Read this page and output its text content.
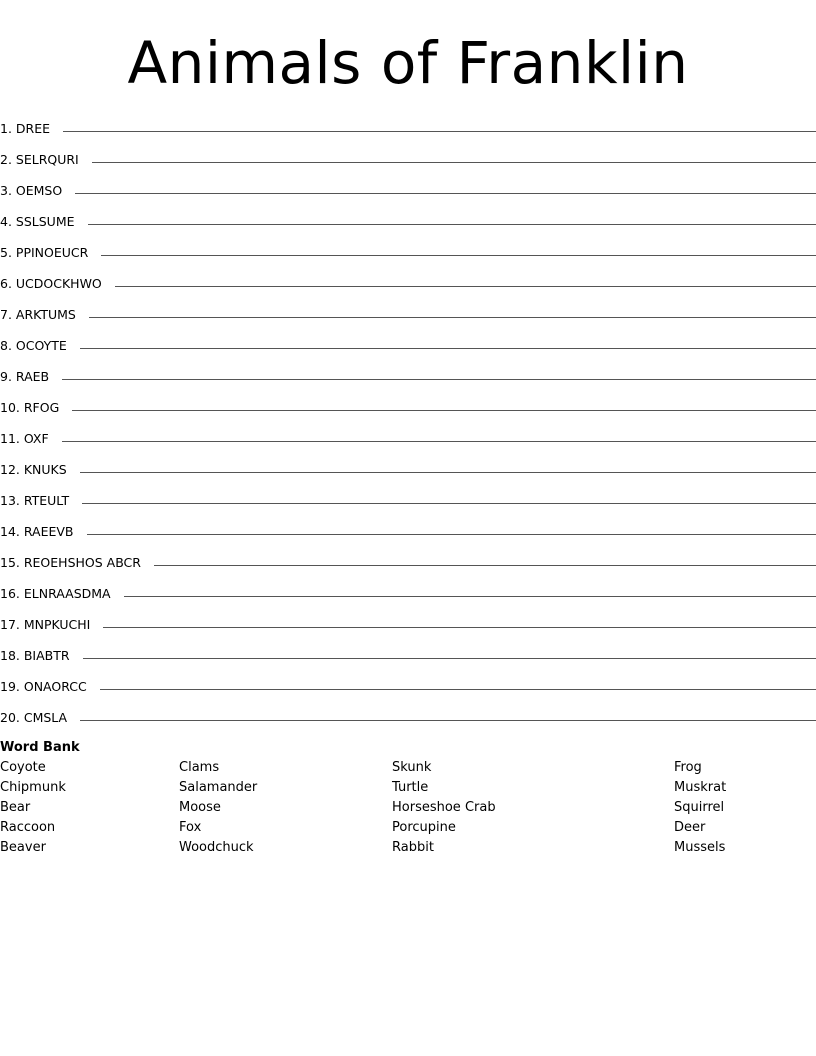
Animals of Franklin
1. DREE
2. SELRQURI
3. OEMSO
4. SSLSUME
5. PPINOEUCR
6. UCDOCKHWO
7. ARKTUMS
8. OCOYTE
9. RAEB
10. RFOG
11. OXF
12. KNUKS
13. RTEULT
14. RAEEVB
15. REOEHSHOS ABCR
16. ELNRAASDMA
17. MNPKUCHI
18. BIABTR
19. ONAORCC
20. CMSLA
Word Bank
Coyote
Chipmunk
Bear
Raccoon
Beaver
Clams
Salamander
Moose
Fox
Woodchuck
Skunk
Turtle
Horseshoe Crab
Porcupine
Rabbit
Frog
Muskrat
Squirrel
Deer
Mussels
